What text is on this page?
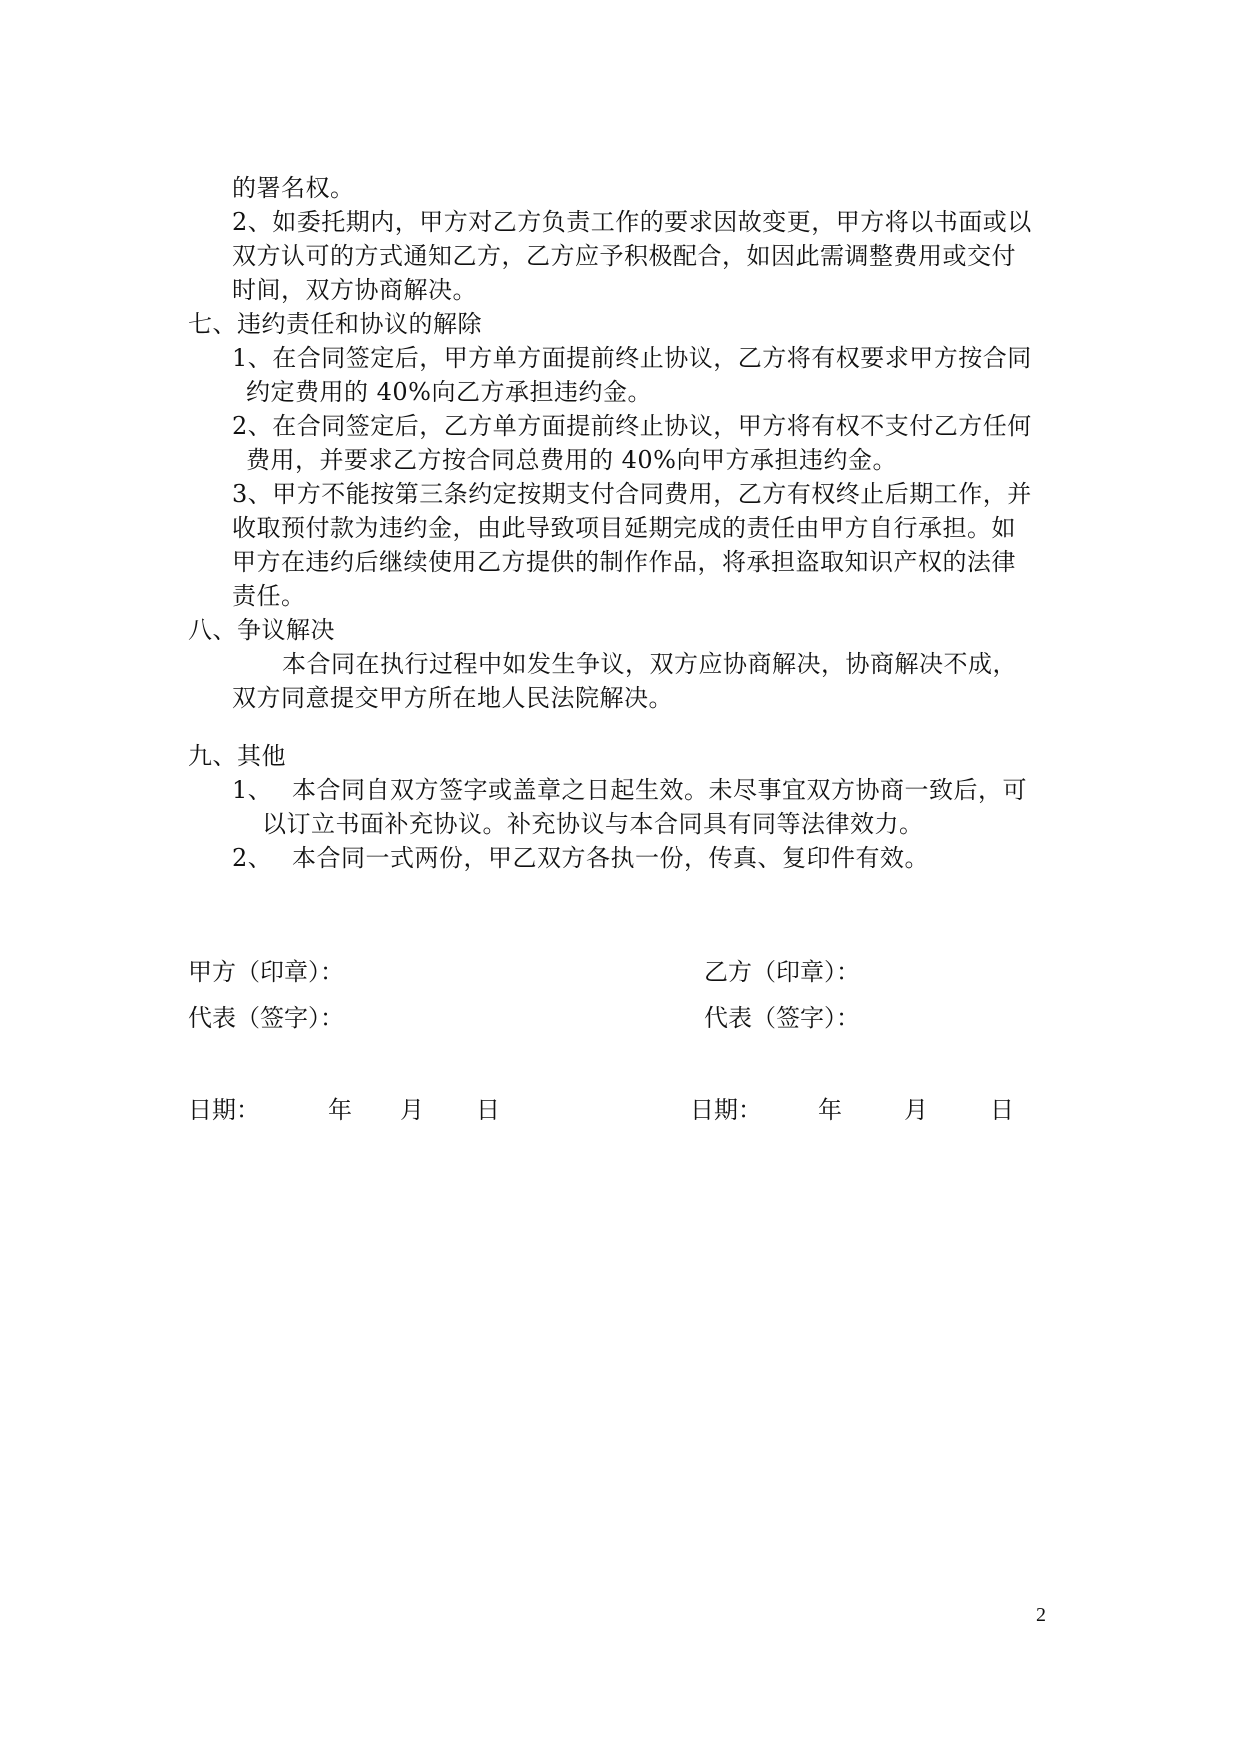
的署名权。
2、如委托期内，甲方对乙方负责工作的要求因故变更，甲方将以书面或以
双方认可的方式通知乙方，乙方应予积极配合，如因此需调整费用或交付
时间，双方协商解决。
七、违约责任和协议的解除
1、在合同签定后，甲方单方面提前终止协议，乙方将有权要求甲方按合同
约定费用的 40%向乙方承担违约金。
2、在合同签定后，乙方单方面提前终止协议，甲方将有权不支付乙方任何
费用，并要求乙方按合同总费用的 40%向甲方承担违约金。
3、甲方不能按第三条约定按期支付合同费用，乙方有权终止后期工作，并
收取预付款为违约金，由此导致项目延期完成的责任由甲方自行承担。如
甲方在违约后继续使用乙方提供的制作作品，将承担盗取知识产权的法律
责任。
八、争议解决
本合同在执行过程中如发生争议，双方应协商解决，协商解决不成，
双方同意提交甲方所在地人民法院解决。
九、其他
1、 本合同自双方签字或盖章之日起生效。未尽事宜双方协商一致后，可
以订立书面补充协议。补充协议与本合同具有同等法律效力。
2、 本合同一式两份，甲乙双方各执一份，传真、复印件有效。
甲方（印章）：	乙方（印章）：
代表（签字）：	代表（签字）：
日期：	年 月 日	日期： 年	月	日
2
